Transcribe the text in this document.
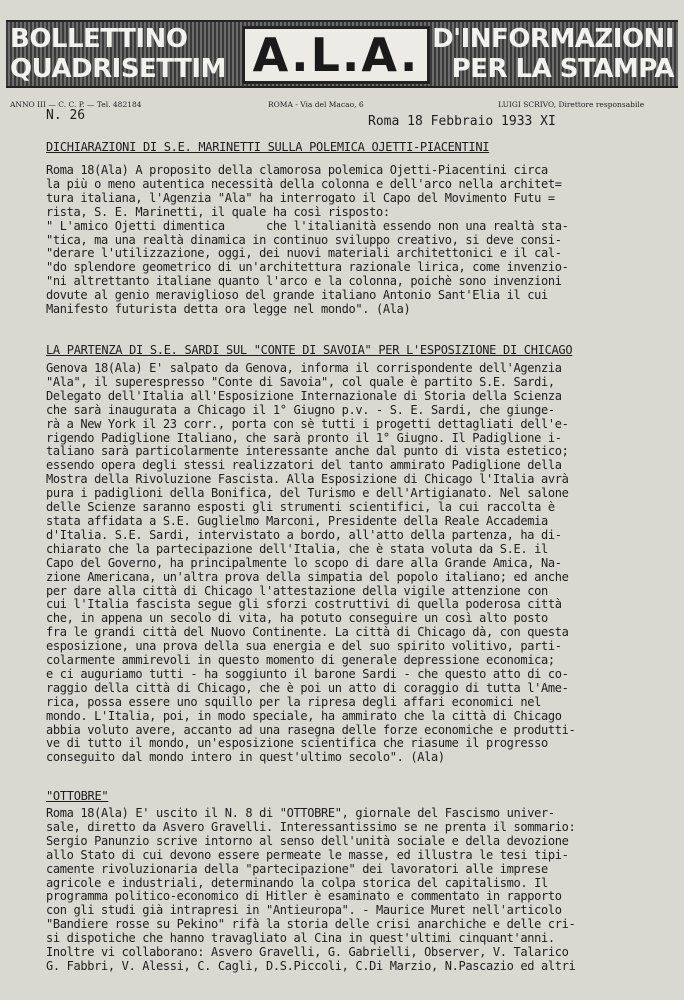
BOLLETTINO
QUADRISETTIM A.L.A. D'INFORMAZIONI
PER LA STAMPA
ANNO III — C. C. P. — Tel. 482184	ROMA - Via del Macao, 6	LUIGI SCRIVO, Direttore responsabile
N. 26	Roma 18 Febbraio 1933 XI
DICHIARAZIONI DI S.E. MARINETTI SULLA POLEMICA OJETTI-PIACENTINI
Roma 18(Ala) A proposito della clamorosa polemica Ojetti-Piacentini circa
la più o meno autentica necessità della colonna e dell'arco nella architet=
tura italiana, l'Agenzia "Ala" ha interrogato il Capo del Movimento Futu =
rista, S. E. Marinetti, il quale ha così risposto:
" L'amico Ojetti dimentica      che l'italianità essendo non una realtà sta-
"tica, ma una realtà dinamica in continuo sviluppo creativo, si deve consi-
"derare l'utilizzazione, oggi, dei nuovi materiali architettonici e il cal-
"do splendore geometrico di un'architettura razionale lirica, come invenzio-
"ni altrettanto italiane quanto l'arco e la colonna, poichè sono invenzioni
dovute al genio meraviglioso del grande italiano Antonio Sant'Elia il cui
Manifesto futurista detta ora legge nel mondo". (Ala)
LA PARTENZA DI S.E. SARDI SUL "CONTE DI SAVOIA" PER L'ESPOSIZIONE DI CHICAGO
Genova 18(Ala) E' salpato da Genova, informa il corrispondente dell'Agenzia
"Ala", il superespresso "Conte di Savoia", col quale è partito S.E. Sardi,
Delegato dell'Italia all'Esposizione Internazionale di Storia della Scienza
che sarà inaugurata a Chicago il 1° Giugno p.v. - S. E. Sardi, che giunge-
rà a New York il 23 corr., porta con sè tutti i progetti dettagliati dell'e-
rigendo Padiglione Italiano, che sarà pronto il 1° Giugno. Il Padiglione i-
taliano sarà particolarmente interessante anche dal punto di vista estetico;
essendo opera degli stessi realizzatori del tanto ammirato Padiglione della
Mostra della Rivoluzione Fascista. Alla Esposizione di Chicago l'Italia avrà
pura i padiglioni della Bonifica, del Turismo e dell'Artigianato. Nel salone
delle Scienze saranno esposti gli strumenti scientifici, la cui raccolta è
stata affidata a S.E. Guglielmo Marconi, Presidente della Reale Accademia
d'Italia. S.E. Sardi, intervistato a bordo, all'atto della partenza, ha di-
chiarato che la partecipazione dell'Italia, che è stata voluta da S.E. il
Capo del Governo, ha principalmente lo scopo di dare alla Grande Amica, Na-
zione Americana, un'altra prova della simpatia del popolo italiano; ed anche
per dare alla città di Chicago l'attestazione della vigile attenzione con
cui l'Italia fascista segue gli sforzi costruttivi di quella poderosa città
che, in appena un secolo di vita, ha potuto conseguire un così alto posto
fra le grandi città del Nuovo Continente. La città di Chicago dà, con questa
esposizione, una prova della sua energia e del suo spirito volitivo, parti-
colarmente ammirevoli in questo momento di generale depressione economica;
e ci auguriamo tutti - ha soggiunto il barone Sardi - che questo atto di co-
raggio della città di Chicago, che è poi un atto di coraggio di tutta l'Ame-
rica, possa essere uno squillo per la ripresa degli affari economici nel
mondo. L'Italia, poi, in modo speciale, ha ammirato che la città di Chicago
abbia voluto avere, accanto ad una rasegna delle forze economiche e produtti-
ve di tutto il mondo, un'esposizione scientifica che riasume il progresso
conseguito dal mondo intero in quest'ultimo secolo". (Ala)
"OTTOBRE"
Roma 18(Ala) E' uscito il N. 8 di "OTTOBRE", giornale del Fascismo univer-
sale, diretto da Asvero Gravelli. Interessantissimo se ne prenta il sommario:
Sergio Panunzio scrive intorno al senso dell'unità sociale e della devozione
allo Stato di cui devono essere permeate le masse, ed illustra le tesi tipi-
camente rivoluzionaria della "partecipazione" dei lavoratori alle imprese
agricole e industriali, determinando la colpa storica del capitalismo. Il
programma politico-economico di Hitler è esaminato e commentato in rapporto
con gli studi già intrapresi in "Antieuropa". - Maurice Muret nell'articolo
"Bandiere rosse su Pekino" rifà la storia delle crisi anarchiche e delle cri-
si dispotiche che hanno travagliato al Cina in quest'ultimi cinquant'anni.
Inoltre vi collaborano: Asvero Gravelli, G. Gabrielli, Observer, V. Talarico
G. Fabbri, V. Alessi, C. Cagli, D.S.Piccoli, C.Di Marzio, N.Pascazio ed altri
